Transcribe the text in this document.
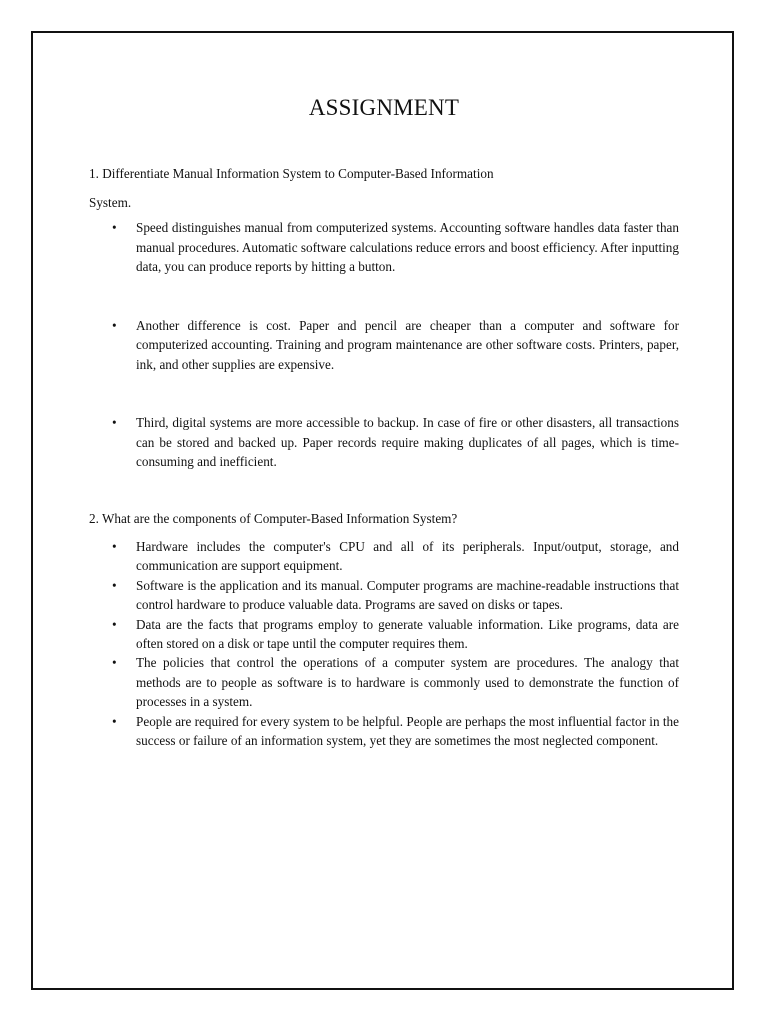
ASSIGNMENT

1. Differentiate Manual Information System to Computer-Based Information

System.

• Speed distinguishes manual from computerized systems. Accounting software handles data faster than manual procedures. Automatic software calculations reduce errors and boost efficiency. After inputting data, you can produce reports by hitting a button.
• Another difference is cost. Paper and pencil are cheaper than a computer and software for computerized accounting. Training and program maintenance are other software costs. Printers, paper, ink, and other supplies are expensive.
• Third, digital systems are more accessible to backup. In case of fire or other disasters, all transactions can be stored and backed up. Paper records require making duplicates of all pages, which is time-consuming and inefficient.

2. What are the components of Computer-Based Information System?

• Hardware includes the computer's CPU and all of its peripherals. Input/output, storage, and communication are support equipment.
• Software is the application and its manual. Computer programs are machine-readable instructions that control hardware to produce valuable data. Programs are saved on disks or tapes.
• Data are the facts that programs employ to generate valuable information. Like programs, data are often stored on a disk or tape until the computer requires them.
• The policies that control the operations of a computer system are procedures. The analogy that methods are to people as software is to hardware is commonly used to demonstrate the function of processes in a system.
• People are required for every system to be helpful. People are perhaps the most influential factor in the success or failure of an information system, yet they are sometimes the most neglected component.
